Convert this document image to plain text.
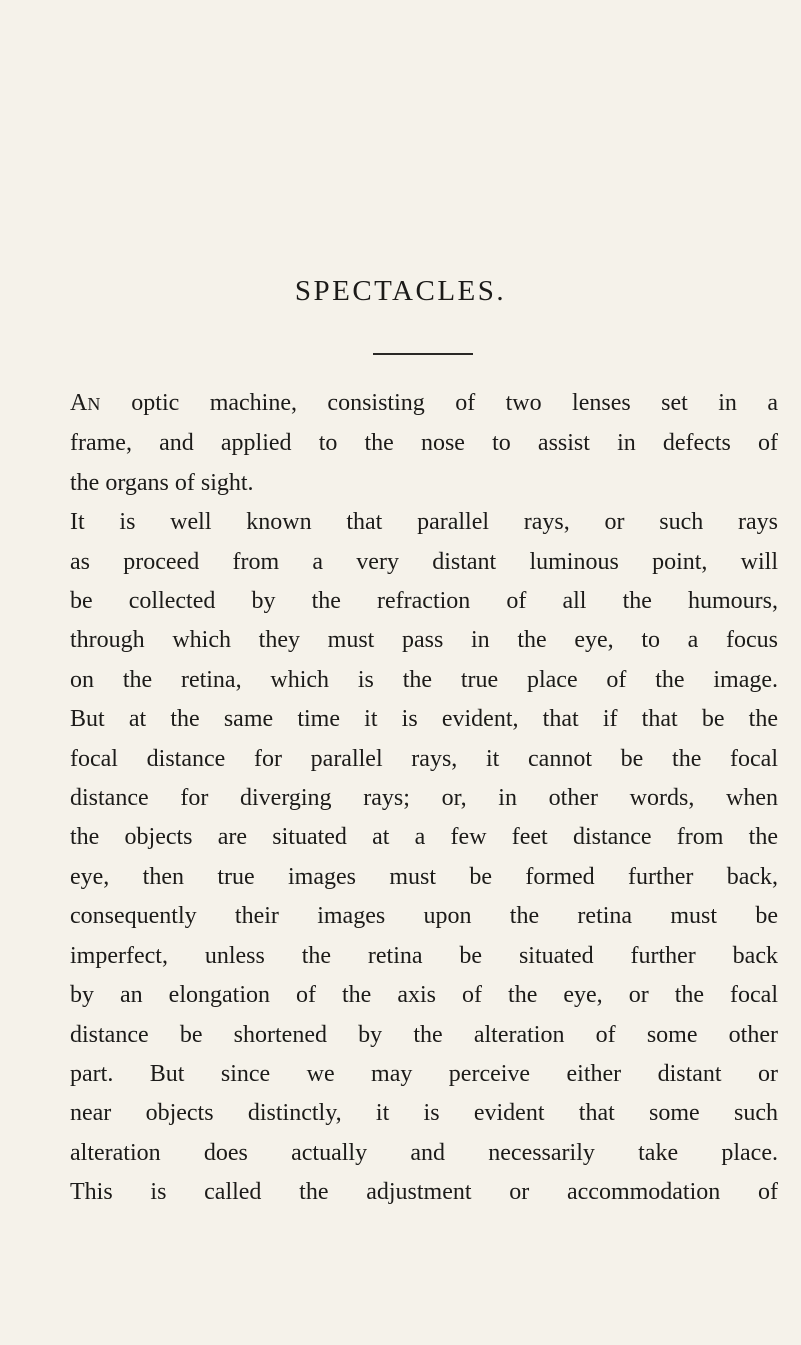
SPECTACLES.
AN optic machine, consisting of two lenses set in a
frame, and applied to the nose to assist in defects of
the organs of sight.
It is well known that parallel rays, or such rays
as proceed from a very distant luminous point, will
be collected by the refraction of all the humours,
through which they must pass in the eye, to a focus
on the retina, which is the true place of the image.
But at the same time it is evident, that if that be the
focal distance for parallel rays, it cannot be the focal
distance for diverging rays; or, in other words, when
the objects are situated at a few feet distance from the
eye, then true images must be formed further back,
consequently their images upon the retina must be
imperfect, unless the retina be situated further back
by an elongation of the axis of the eye, or the focal
distance be shortened by the alteration of some other
part. But since we may perceive either distant or
near objects distinctly, it is evident that some such
alteration does actually and necessarily take place.
This is called the adjustment or accommodation of
